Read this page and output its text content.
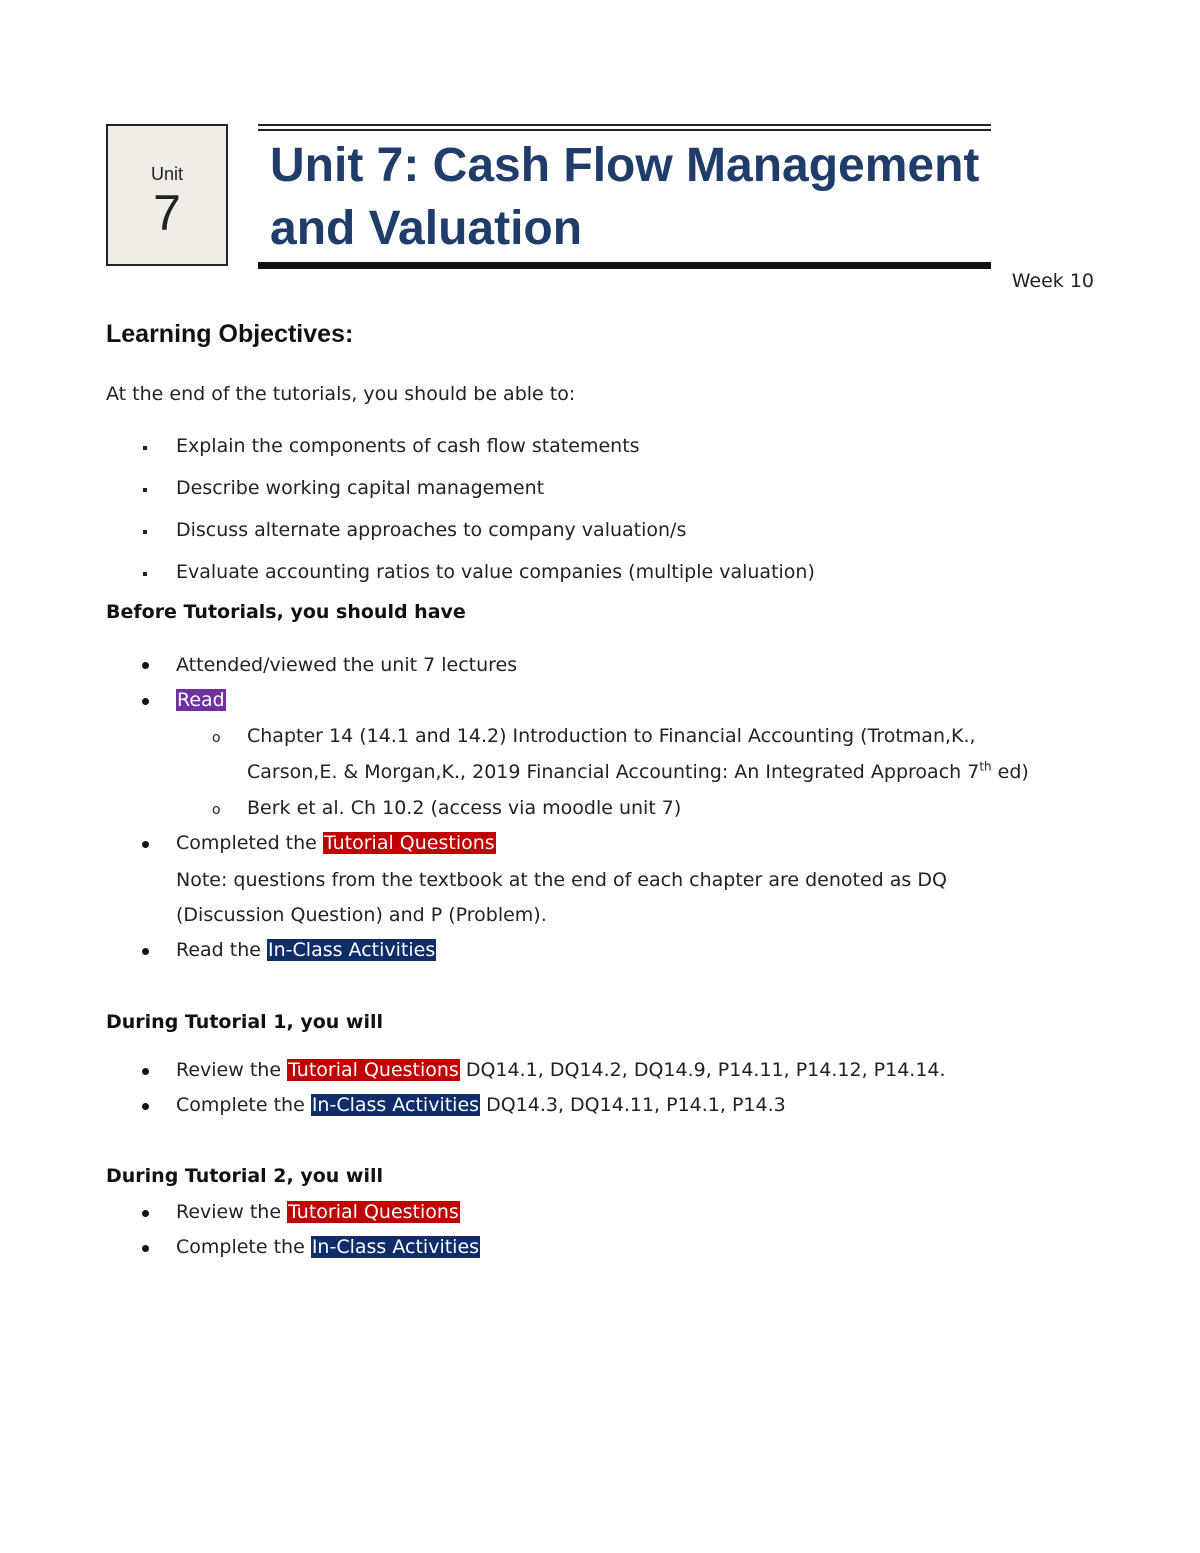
Unit
7
Unit 7: Cash Flow Management and Valuation
Week 10
Learning Objectives:

At the end of the tutorials, you should be able to:

Explain the components of cash flow statements
Describe working capital management
Discuss alternate approaches to company valuation/s
Evaluate accounting ratios to value companies (multiple valuation)
Before Tutorials, you should have
Attended/viewed the unit 7 lectures
Read
o Chapter 14 (14.1 and 14.2) Introduction to Financial Accounting (Trotman,K.,
Carson,E. & Morgan,K., 2019 Financial Accounting: An Integrated Approach 7th ed)
o Berk et al. Ch 10.2 (access via moodle unit 7)
Completed the Tutorial Questions
Note: questions from the textbook at the end of each chapter are denoted as DQ
(Discussion Question) and P (Problem).
Read the In-Class Activities
During Tutorial 1, you will
Review the Tutorial Questions DQ14.1, DQ14.2, DQ14.9, P14.11, P14.12, P14.14.
Complete the In-Class Activities DQ14.3, DQ14.11, P14.1, P14.3
During Tutorial 2, you will
Review the Tutorial Questions
Complete the In-Class Activities
